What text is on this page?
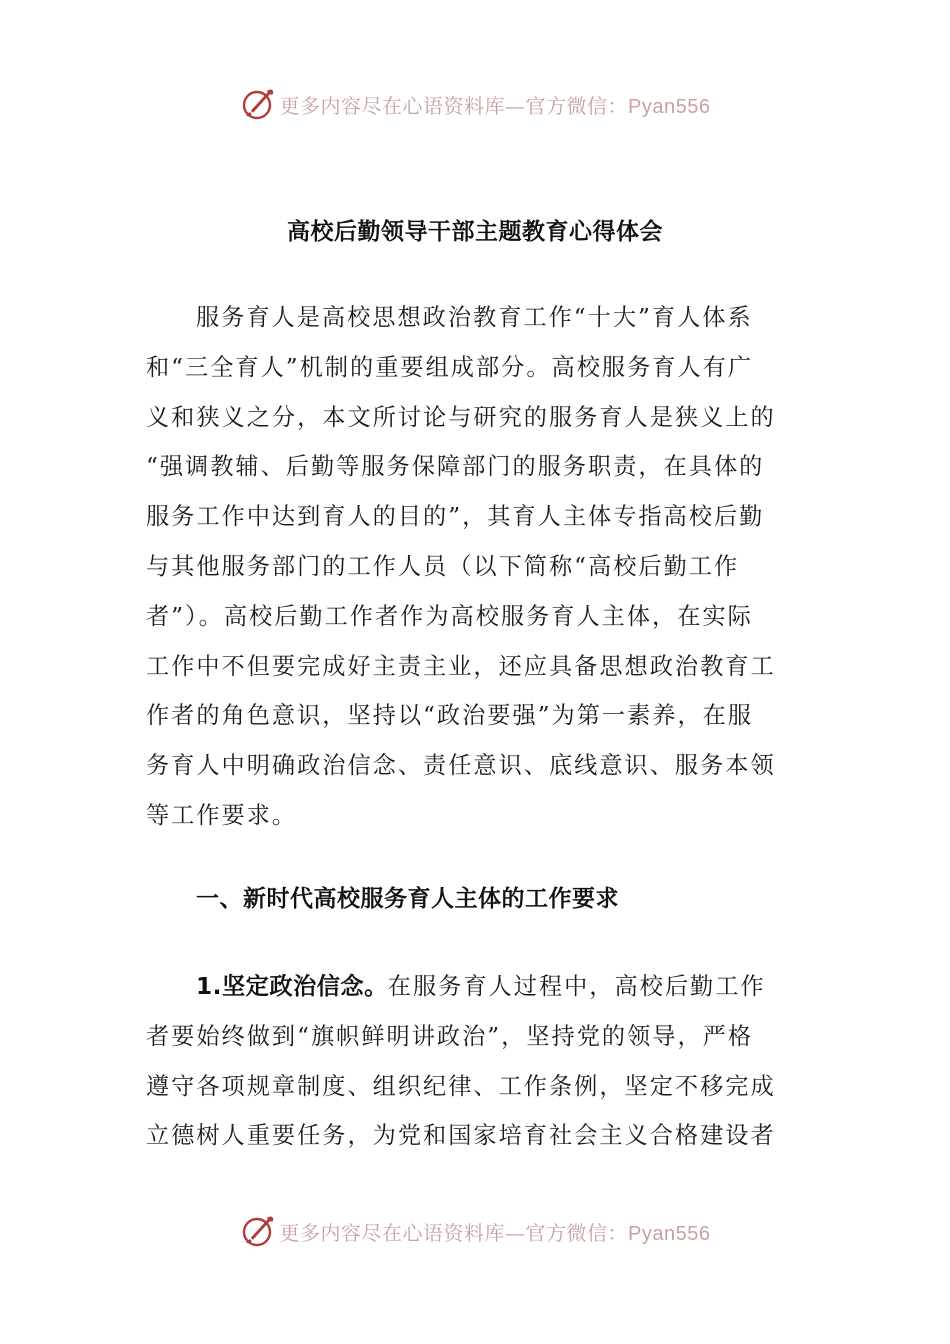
更多内容尽在心语资料库—官方微信：Pyan556
高校后勤领导干部主题教育心得体会
服务育人是高校思想政治教育工作“十大”育人体系
和“三全育人”机制的重要组成部分。高校服务育人有广
义和狭义之分，本文所讨论与研究的服务育人是狭义上的
“强调教辅、后勤等服务保障部门的服务职责，在具体的
服务工作中达到育人的目的”，其育人主体专指高校后勤
与其他服务部门的工作人员（以下简称“高校后勤工作
者”）。高校后勤工作者作为高校服务育人主体，在实际
工作中不但要完成好主责主业，还应具备思想政治教育工
作者的角色意识，坚持以“政治要强”为第一素养，在服
务育人中明确政治信念、责任意识、底线意识、服务本领
等工作要求。
一、新时代高校服务育人主体的工作要求
1.坚定政治信念。在服务育人过程中，高校后勤工作
者要始终做到“旗帜鲜明讲政治”，坚持党的领导，严格
遵守各项规章制度、组织纪律、工作条例，坚定不移完成
立德树人重要任务，为党和国家培育社会主义合格建设者
更多内容尽在心语资料库—官方微信：Pyan556
